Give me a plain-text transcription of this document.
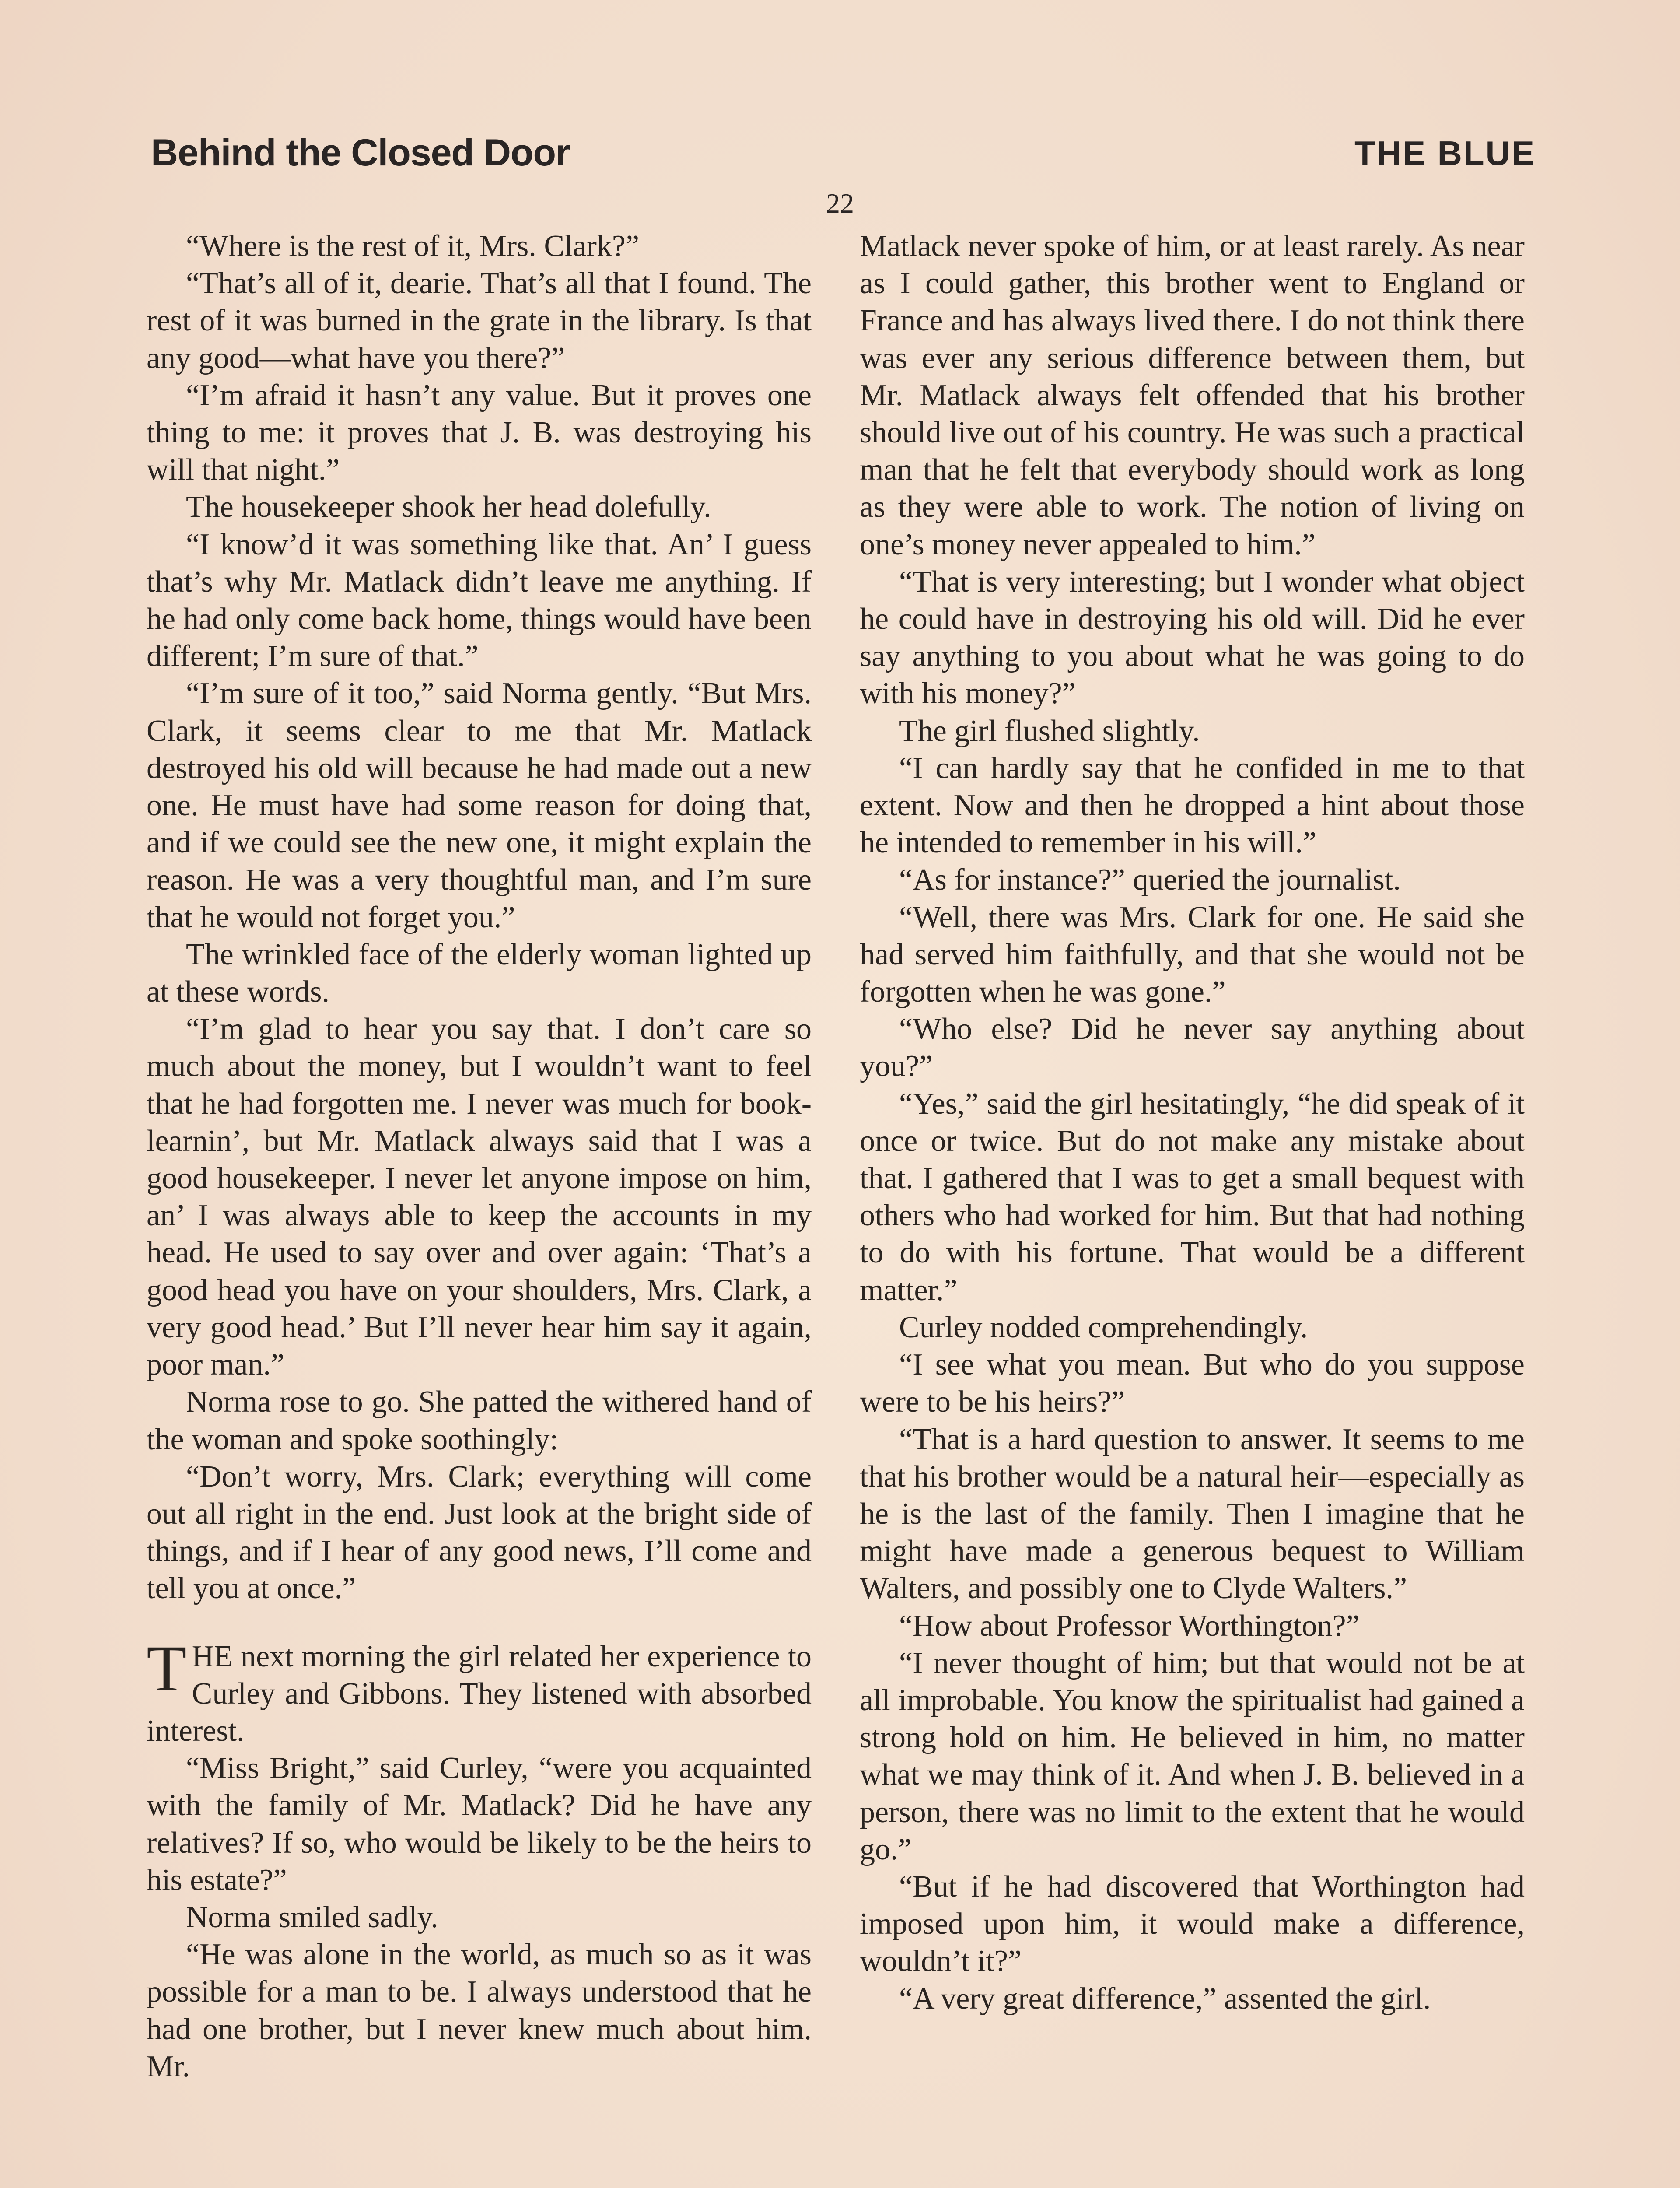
Behind the Closed Door	THE BLUE
22

“Where is the rest of it, Mrs. Clark?”

“That’s all of it, dearie. That’s all that I found. The rest of it was burned in the grate in the library. Is that any good—what have you there?”

“I’m afraid it hasn’t any value. But it proves one thing to me: it proves that J. B. was destroying his will that night.”

The housekeeper shook her head dolefully.

“I know’d it was something like that. An’ I guess that’s why Mr. Matlack didn’t leave me anything. If he had only come back home, things would have been different; I’m sure of that.”

“I’m sure of it too,” said Norma gently. “But Mrs. Clark, it seems clear to me that Mr. Matlack destroyed his old will because he had made out a new one. He must have had some reason for doing that, and if we could see the new one, it might explain the reason. He was a very thoughtful man, and I’m sure that he would not forget you.”

The wrinkled face of the elderly woman lighted up at these words.

“I’m glad to hear you say that. I don’t care so much about the money, but I wouldn’t want to feel that he had forgotten me. I never was much for book-learnin’, but Mr. Matlack always said that I was a good housekeeper. I never let anyone impose on him, an’ I was always able to keep the accounts in my head. He used to say over and over again: ‘That’s a good head you have on your shoulders, Mrs. Clark, a very good head.’ But I’ll never hear him say it again, poor man.”

Norma rose to go. She patted the withered hand of the woman and spoke soothingly:

“Don’t worry, Mrs. Clark; everything will come out all right in the end. Just look at the bright side of things, and if I hear of any good news, I’ll come and tell you at once.”

THE next morning the girl related her experience to Curley and Gibbons. They listened with absorbed interest.

“Miss Bright,” said Curley, “were you acquainted with the family of Mr. Matlack? Did he have any relatives? If so, who would be likely to be the heirs to his estate?”

Norma smiled sadly.

“He was alone in the world, as much so as it was possible for a man to be. I always understood that he had one brother, but I never knew much about him. Mr.

Matlack never spoke of him, or at least rarely. As near as I could gather, this brother went to England or France and has always lived there. I do not think there was ever any serious difference between them, but Mr. Matlack always felt offended that his brother should live out of his country. He was such a practical man that he felt that everybody should work as long as they were able to work. The notion of living on one’s money never appealed to him.”

“That is very interesting; but I wonder what object he could have in destroying his old will. Did he ever say anything to you about what he was going to do with his money?”

The girl flushed slightly.

“I can hardly say that he confided in me to that extent. Now and then he dropped a hint about those he intended to remember in his will.”

“As for instance?” queried the journalist.

“Well, there was Mrs. Clark for one. He said she had served him faithfully, and that she would not be forgotten when he was gone.”

“Who else? Did he never say anything about you?”

“Yes,” said the girl hesitatingly, “he did speak of it once or twice. But do not make any mistake about that. I gathered that I was to get a small bequest with others who had worked for him. But that had nothing to do with his fortune. That would be a different matter.”

Curley nodded comprehendingly.

“I see what you mean. But who do you suppose were to be his heirs?”

“That is a hard question to answer. It seems to me that his brother would be a natural heir—especially as he is the last of the family. Then I imagine that he might have made a generous bequest to William Walters, and possibly one to Clyde Walters.”

“How about Professor Worthington?”

“I never thought of him; but that would not be at all improbable. You know the spiritualist had gained a strong hold on him. He believed in him, no matter what we may think of it. And when J. B. believed in a person, there was no limit to the extent that he would go.”

“But if he had discovered that Worthington had imposed upon him, it would make a difference, wouldn’t it?”

“A very great difference,” assented the girl.
